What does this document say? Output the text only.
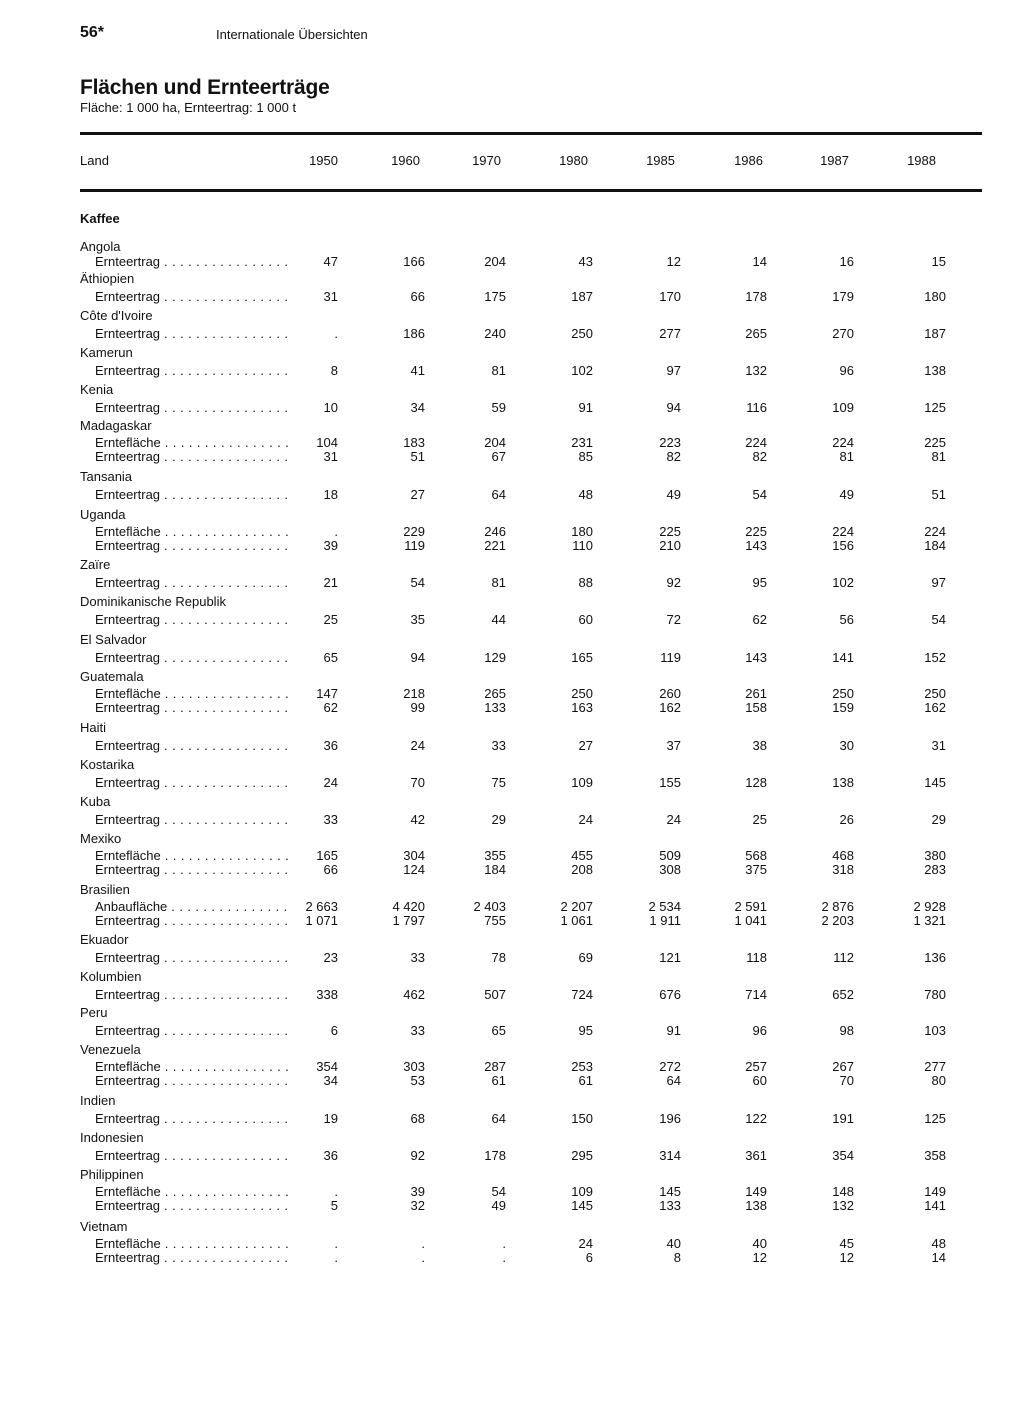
56*	Internationale Übersichten
Flächen und Ernteerträge
Fläche: 1 000 ha, Ernteertrag: 1 000 t
Land	1950	1960	1970	1980	1985	1986	1987	1988
Kaffee
Angola
Ernteertrag . . .	47	166	204	43	12	14	16	15
Äthiopien
Ernteertrag . . .	31	66	175	187	170	178	179	180
Côte d'Ivoire
Ernteertrag . . .	.	186	240	250	277	265	270	187
Kamerun
Ernteertrag . . .	8	41	81	102	97	132	96	138
Kenia
Ernteertrag . . .	10	34	59	91	94	116	109	125
Madagaskar
Erntefläche . . .	104	183	204	231	223	224	224	225
Ernteertrag . . .	31	51	67	85	82	82	81	81
Tansania
Ernteertrag . . .	18	27	64	48	49	54	49	51
Uganda
Erntefläche . . .	.	229	246	180	225	225	224	224
Ernteertrag . . .	39	119	221	110	210	143	156	184
Zaïre
Ernteertrag . . .	21	54	81	88	92	95	102	97
Dominikanische Republik
Ernteertrag . . .	25	35	44	60	72	62	56	54
El Salvador
Ernteertrag . . .	65	94	129	165	119	143	141	152
Guatemala
Erntefläche . . .	147	218	265	250	260	261	250	250
Ernteertrag . . .	62	99	133	163	162	158	159	162
Haiti
Ernteertrag . . .	36	24	33	27	37	38	30	31
Kostarika
Ernteertrag . . .	24	70	75	109	155	128	138	145
Kuba
Ernteertrag . . .	33	42	29	24	24	25	26	29
Mexiko
Erntefläche . . .	165	304	355	455	509	568	468	380
Ernteertrag . . .	66	124	184	208	308	375	318	283
Brasilien
Anbaufläche . . .	2 663	4 420	2 403	2 207	2 534	2 591	2 876	2 928
Ernteertrag . . .	1 071	1 797	755	1 061	1 911	1 041	2 203	1 321
Ekuador
Ernteertrag . . .	23	33	78	69	121	118	112	136
Kolumbien
Ernteertrag . . .	338	462	507	724	676	714	652	780
Peru
Ernteertrag . . .	6	33	65	95	91	96	98	103
Venezuela
Erntefläche . . .	354	303	287	253	272	257	267	277
Ernteertrag . . .	34	53	61	61	64	60	70	80
Indien
Ernteertrag . . .	19	68	64	150	196	122	191	125
Indonesien
Ernteertrag . . .	36	92	178	295	314	361	354	358
Philippinen
Erntefläche . . .	.	39	54	109	145	149	148	149
Ernteertrag . . .	5	32	49	145	133	138	132	141
Vietnam
Erntefläche . . .	.	.	.	24	40	40	45	48
Ernteertrag . . .	.	.	.	6	8	12	12	14
